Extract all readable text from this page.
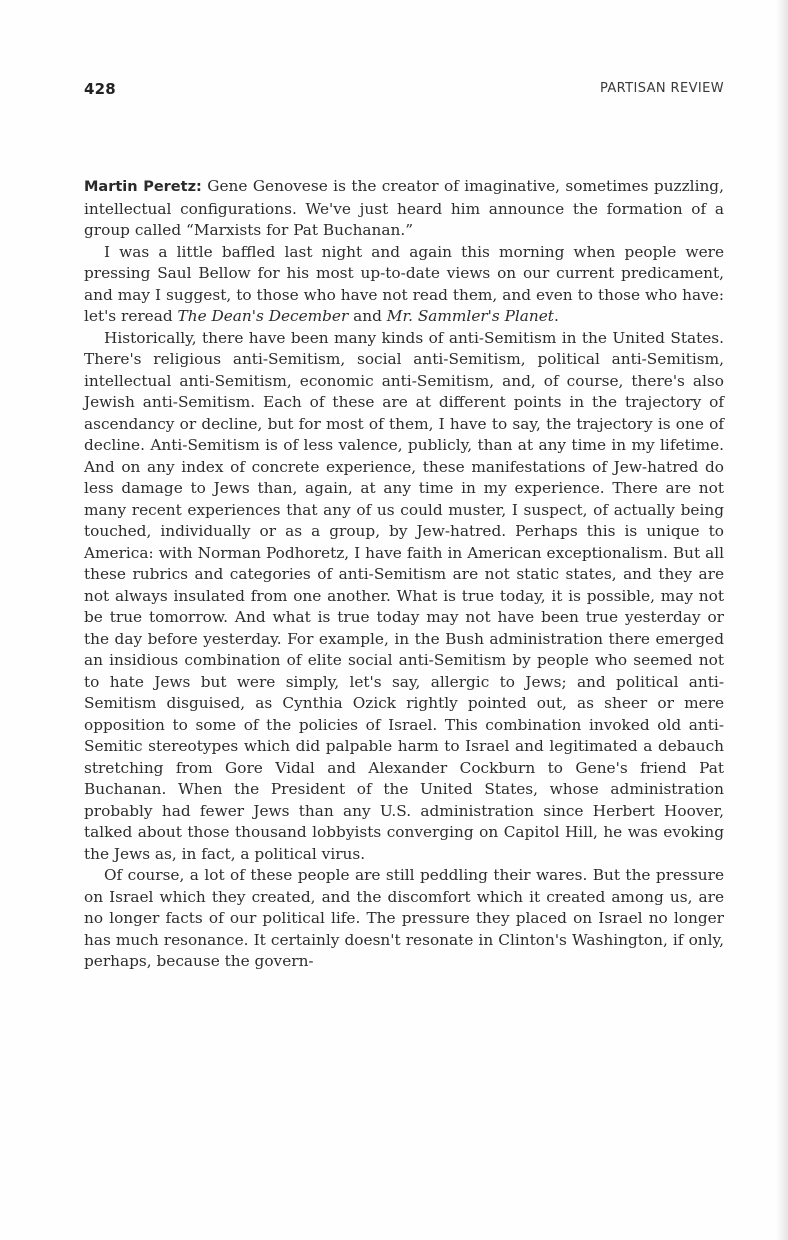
428	PARTISAN REVIEW

Martin Peretz: Gene Genovese is the creator of imaginative, sometimes puzzling, intellectual configurations. We've just heard him announce the formation of a group called “Marxists for Pat Buchanan.”

I was a little baffled last night and again this morning when people were pressing Saul Bellow for his most up-to-date views on our current predicament, and may I suggest, to those who have not read them, and even to those who have: let's reread The Dean's December and Mr. Sammler's Planet.

Historically, there have been many kinds of anti-Semitism in the United States. There's religious anti-Semitism, social anti-Semitism, political anti-Semitism, intellectual anti-Semitism, economic anti-Semitism, and, of course, there's also Jewish anti-Semitism. Each of these are at different points in the trajectory of ascendancy or decline, but for most of them, I have to say, the trajectory is one of decline. Anti-Semitism is of less valence, publicly, than at any time in my lifetime. And on any index of concrete experience, these manifestations of Jew-hatred do less damage to Jews than, again, at any time in my experience. There are not many recent experiences that any of us could muster, I suspect, of actually being touched, individually or as a group, by Jew-hatred. Perhaps this is unique to America: with Norman Podhoretz, I have faith in American exceptionalism. But all these rubrics and categories of anti-Semitism are not static states, and they are not always insulated from one another. What is true today, it is possible, may not be true tomorrow. And what is true today may not have been true yesterday or the day before yesterday. For example, in the Bush administration there emerged an insidious combination of elite social anti-Semitism by people who seemed not to hate Jews but were simply, let's say, allergic to Jews; and political anti-Semitism disguised, as Cynthia Ozick rightly pointed out, as sheer or mere opposition to some of the policies of Israel. This combination invoked old anti-Semitic stereotypes which did palpable harm to Israel and legitimated a debauch stretching from Gore Vidal and Alexander Cockburn to Gene's friend Pat Buchanan. When the President of the United States, whose administration probably had fewer Jews than any U.S. administration since Herbert Hoover, talked about those thousand lobbyists converging on Capitol Hill, he was evoking the Jews as, in fact, a political virus.

Of course, a lot of these people are still peddling their wares. But the pressure on Israel which they created, and the discomfort which it created among us, are no longer facts of our political life. The pressure they placed on Israel no longer has much resonance. It certainly doesn't resonate in Clinton's Washington, if only, perhaps, because the govern-
